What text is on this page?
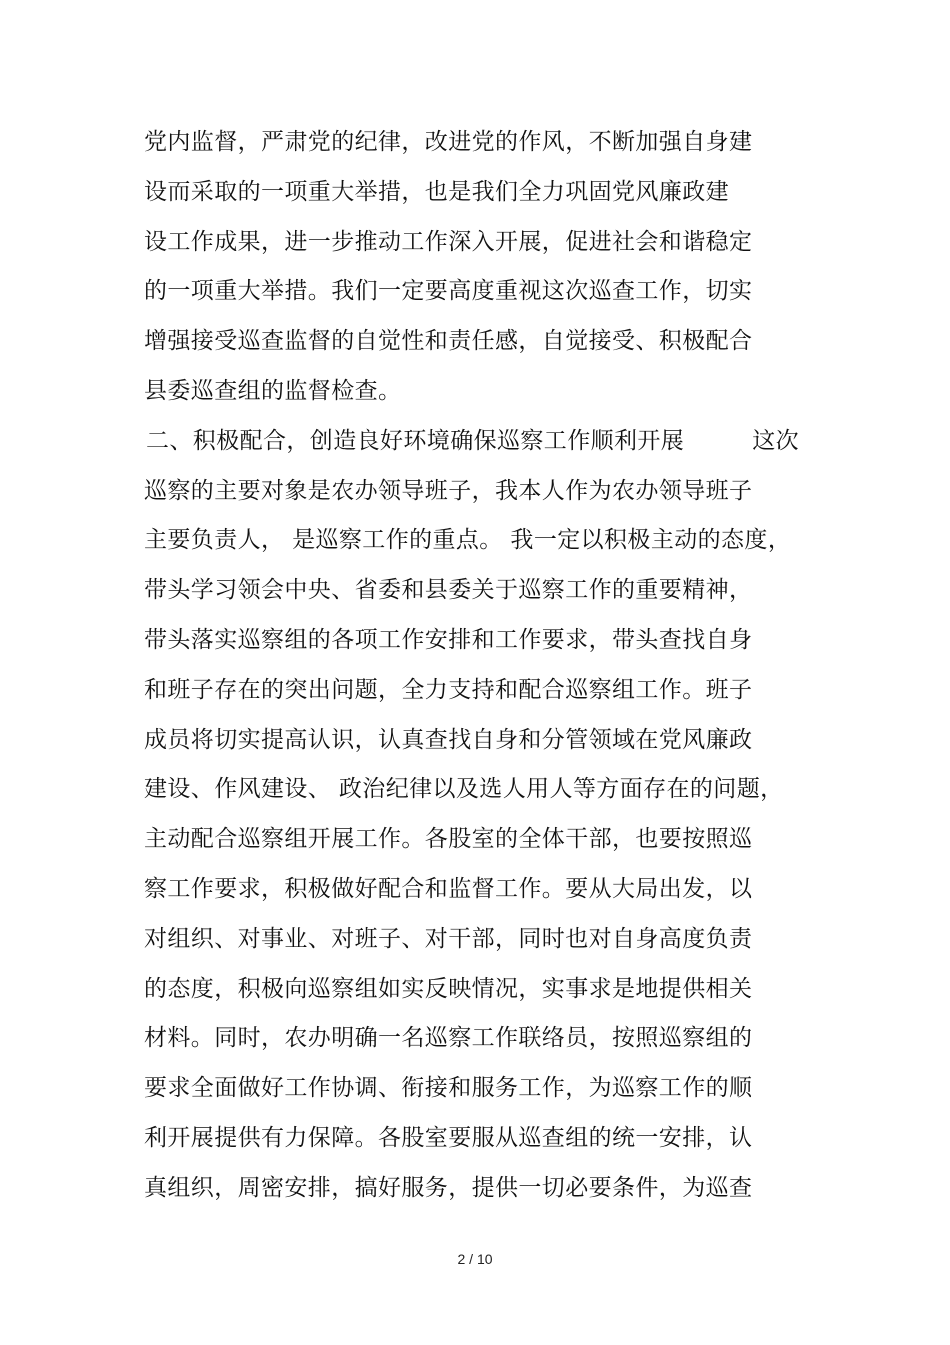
党内监督，严肃党的纪律，改进党的作风，不断加强自身建
设而采取的一项重大举措，也是我们全力巩固党风廉政建
设工作成果，进一步推动工作深入开展，促进社会和谐稳定
的一项重大举措。我们一定要高度重视这次巡查工作，切实
增强接受巡查监督的自觉性和责任感，自觉接受、积极配合
县委巡查组的监督检查。
二、积极配合，创造良好环境确保巡察工作顺利开展	这次
巡察的主要对象是农办领导班子，我本人作为农办领导班子
主要负责人， 是巡察工作的重点。 我一定以积极主动的态度，
带头学习领会中央、省委和县委关于巡察工作的重要精神，
带头落实巡察组的各项工作安排和工作要求，带头查找自身
和班子存在的突出问题，全力支持和配合巡察组工作。班子
成员将切实提高认识，认真查找自身和分管领域在党风廉政
建设、作风建设、 政治纪律以及选人用人等方面存在的问题，
主动配合巡察组开展工作。各股室的全体干部，也要按照巡
察工作要求，积极做好配合和监督工作。要从大局出发，以
对组织、对事业、对班子、对干部，同时也对自身高度负责
的态度，积极向巡察组如实反映情况，实事求是地提供相关
材料。同时，农办明确一名巡察工作联络员，按照巡察组的
要求全面做好工作协调、衔接和服务工作，为巡察工作的顺
利开展提供有力保障。各股室要服从巡查组的统一安排，认
真组织，周密安排，搞好服务，提供一切必要条件，为巡查
2 / 10
